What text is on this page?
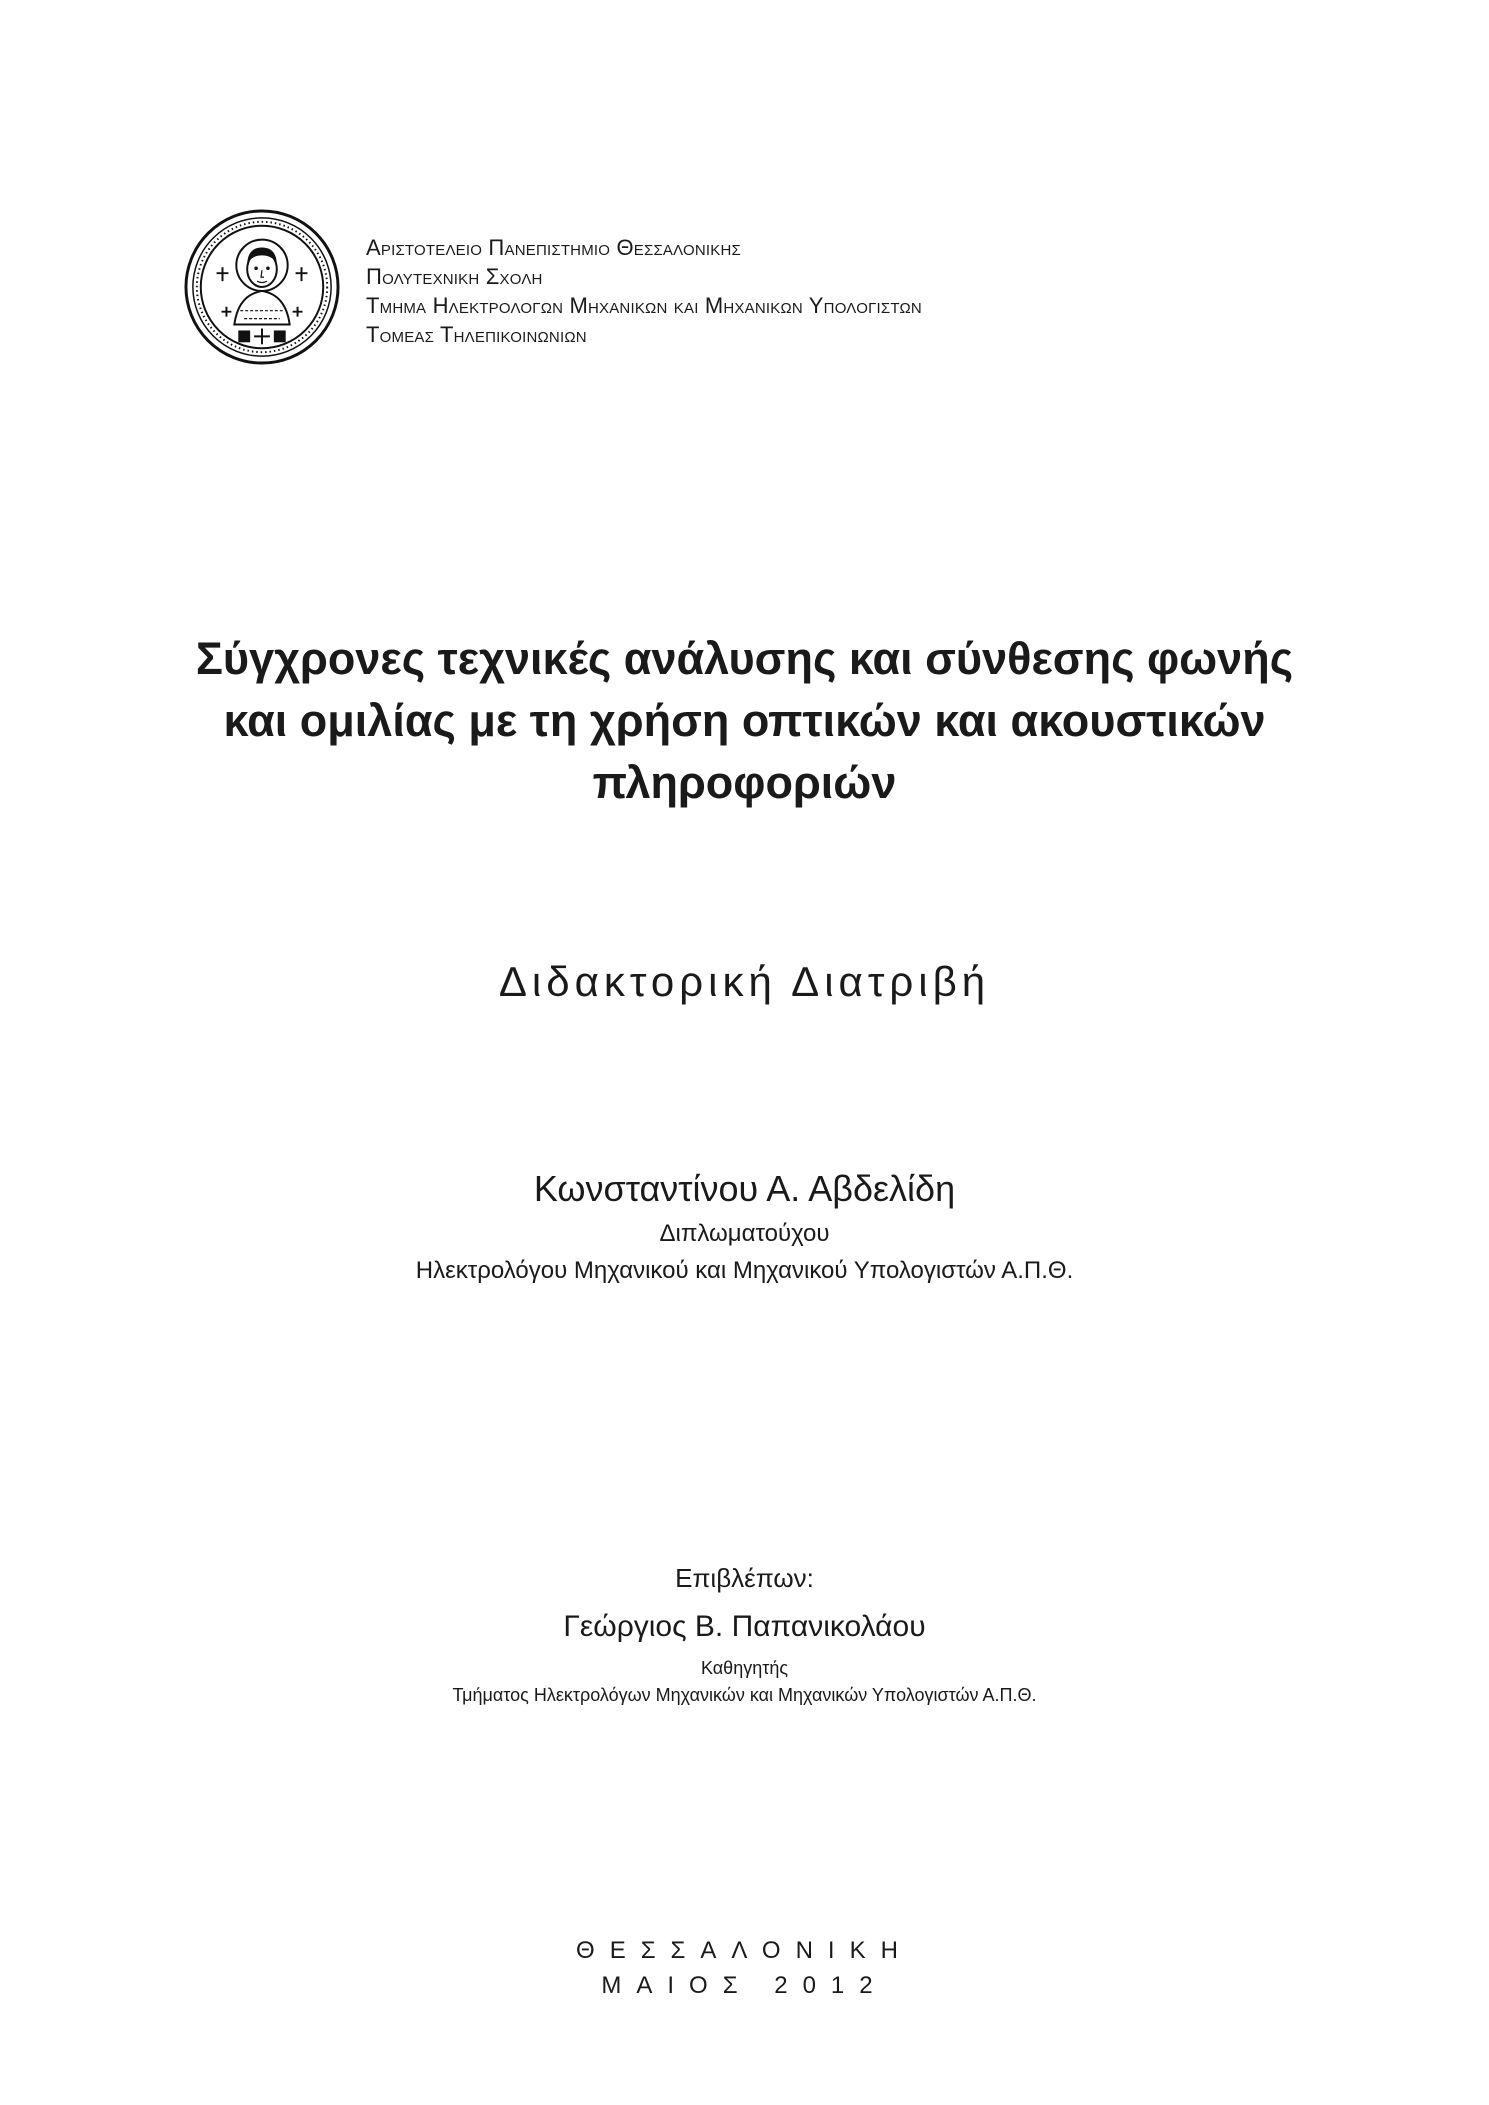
Αριστοτελειο Πανεπιστημιο Θεσσαλονικης
Πολυτεχνικη Σχολη
Τμημα Ηλεκτρολογων Μηχανικων και Μηχανικων Υπολογιστων
Τομεας Τηλεπικοινωνιων
Σύγχρονες τεχνικές ανάλυσης και σύνθεσης φωνής
και ομιλίας με τη χρήση οπτικών και ακουστικών
πληροφοριών
Διδακτορική Διατριβή
Κωνσταντίνου Α. Αβδελίδη
Διπλωματούχου
Ηλεκτρολόγου Μηχανικού και Μηχανικού Υπολογιστών Α.Π.Θ.
Επιβλέπων:
Γεώργιος Β. Παπανικολάου
Καθηγητής
Τμήματος Ηλεκτρολόγων Μηχανικών και Μηχανικών Υπολογιστών Α.Π.Θ.
ΘΕΣΣΑΛΟΝΙΚΗ
ΜΑΙΟΣ 2012
